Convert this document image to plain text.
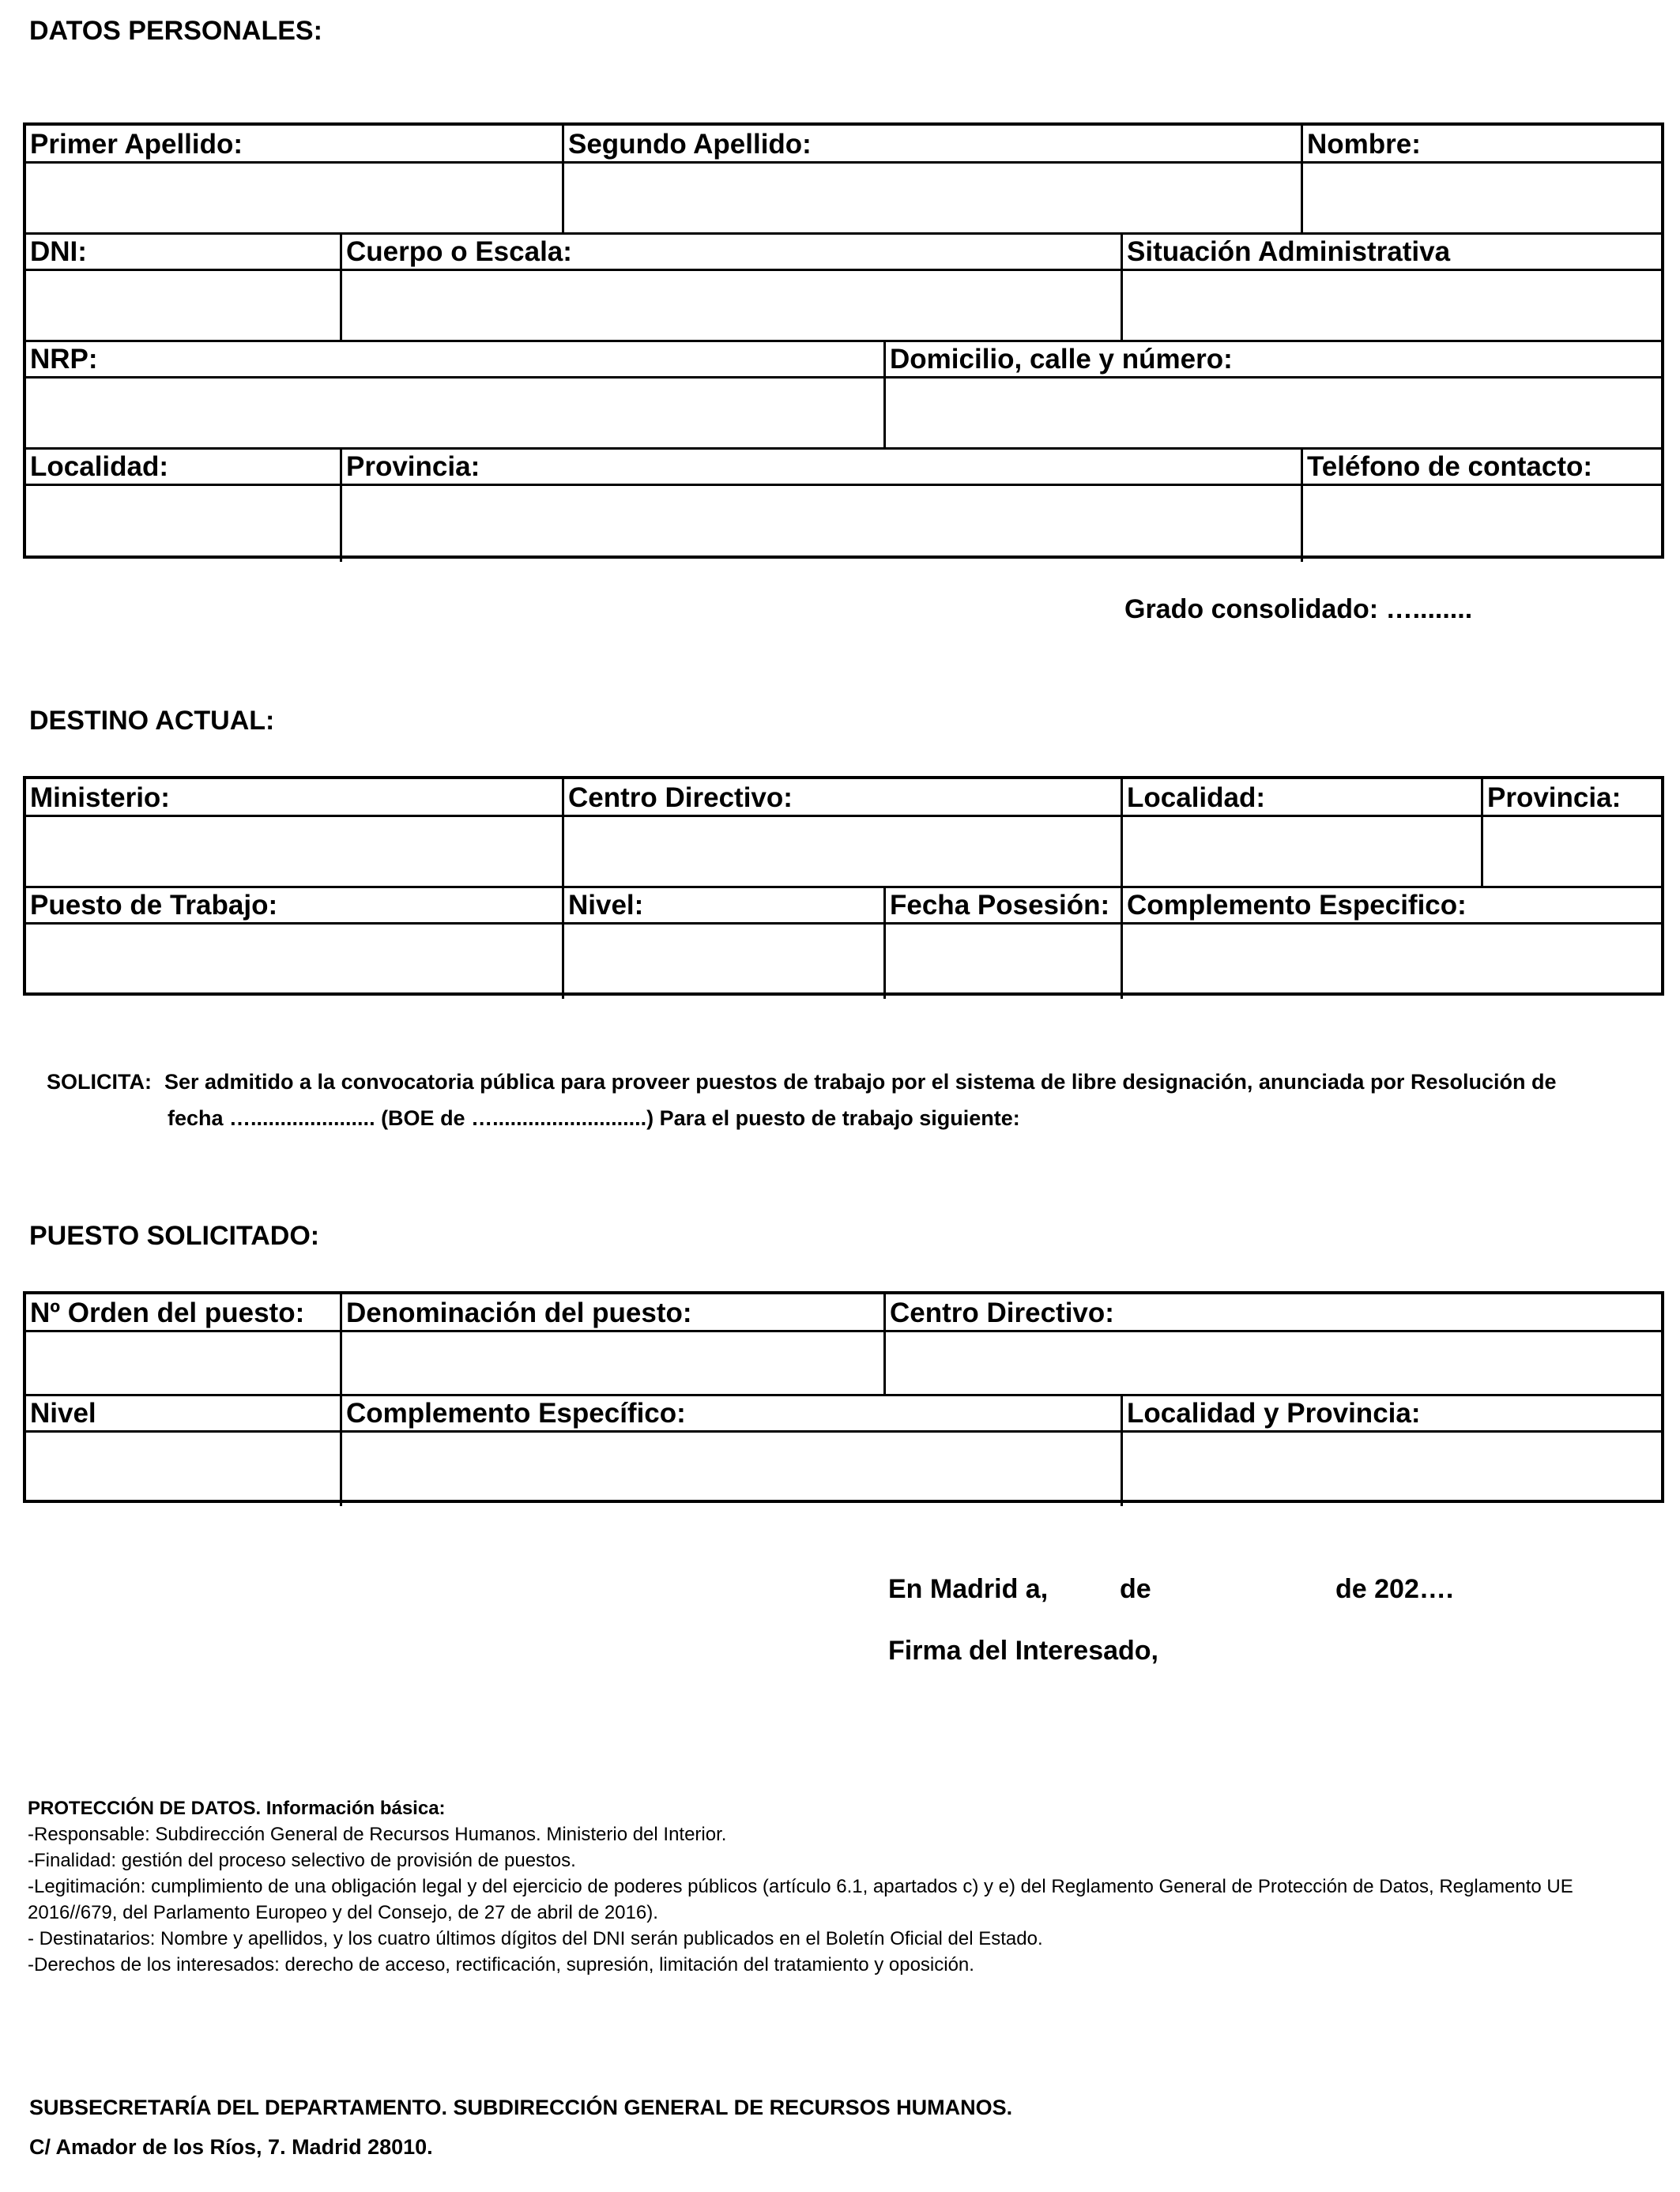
DATOS PERSONALES:
Primer Apellido:	Segundo Apellido:	Nombre:
DNI:	Cuerpo o Escala:	Situación Administrativa
NRP:	Domicilio, calle y número:
Localidad:	Provincia:	Teléfono de contacto:
Grado consolidado: …........
DESTINO ACTUAL:
Ministerio:	Centro Directivo:	Localidad:	Provincia:
Puesto de Trabajo:	Nivel:	Fecha Posesión: Complemento Especifico:
SOLICITA: Ser admitido a la convocatoria pública para proveer puestos de trabajo por el sistema de libre designación, anunciada por Resolución de
fecha …..................... (BOE de …..........................) Para el puesto de trabajo siguiente:
PUESTO SOLICITADO:
Nº Orden del puesto: Denominación del puesto:	Centro Directivo:
Nivel	Complemento Específico:	Localidad y Provincia:
En Madrid a,	de	de 202….
Firma del Interesado,
PROTECCIÓN DE DATOS. Información básica:
-Responsable: Subdirección General de Recursos Humanos. Ministerio del Interior.
-Finalidad: gestión del proceso selectivo de provisión de puestos.
-Legitimación: cumplimiento de una obligación legal y del ejercicio de poderes públicos (artículo 6.1, apartados c) y e) del Reglamento General de Protección de Datos, Reglamento UE
2016//679, del Parlamento Europeo y del Consejo, de 27 de abril de 2016).
- Destinatarios: Nombre y apellidos, y los cuatro últimos dígitos del DNI serán publicados en el Boletín Oficial del Estado.
-Derechos de los interesados: derecho de acceso, rectificación, supresión, limitación del tratamiento y oposición.
SUBSECRETARÍA DEL DEPARTAMENTO. SUBDIRECCIÓN GENERAL DE RECURSOS HUMANOS.
C/ Amador de los Ríos, 7. Madrid 28010.
